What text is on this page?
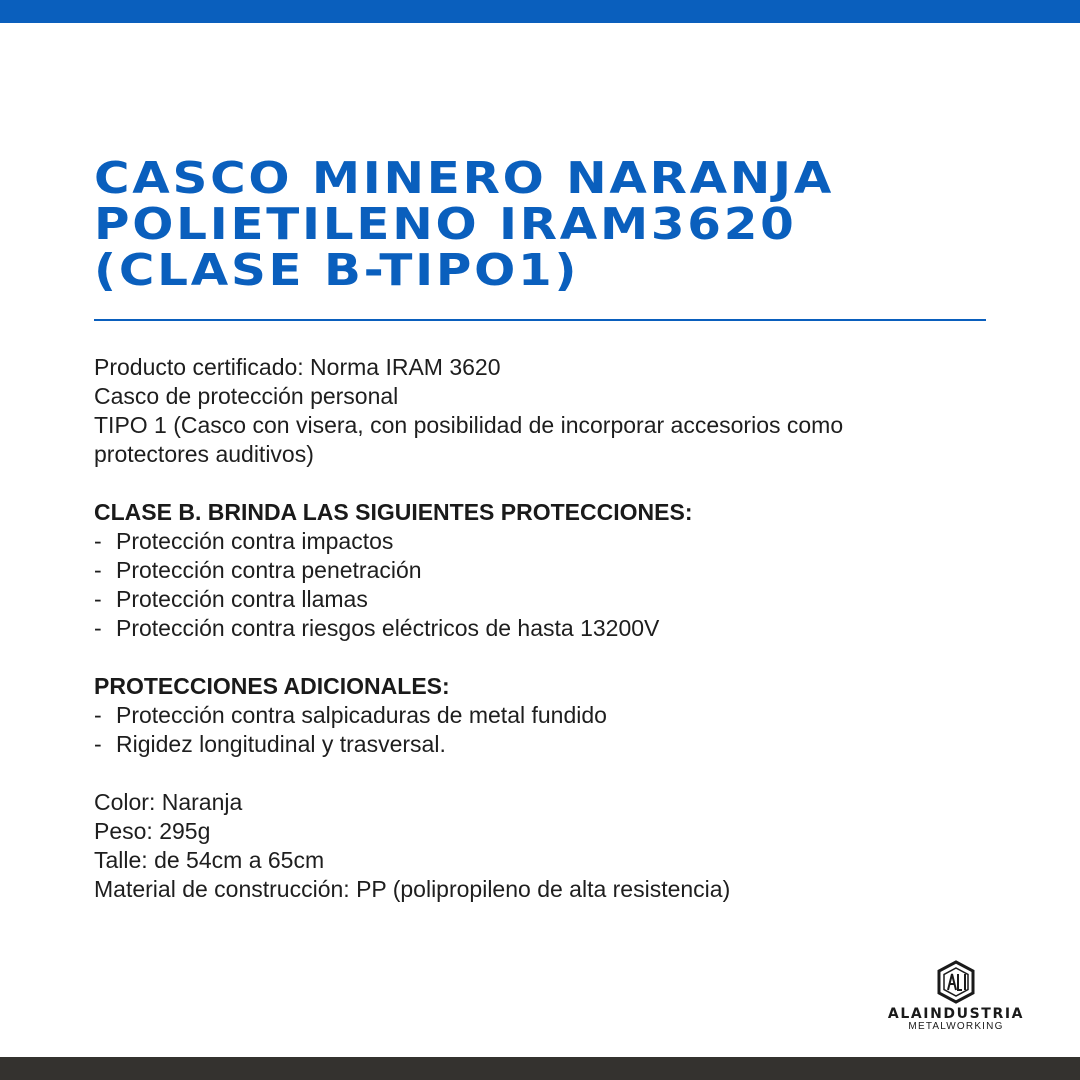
CASCO MINERO NARANJA
POLIETILENO IRAM3620
(CLASE B-TIPO1)

Producto certificado: Norma IRAM 3620

Casco de protección personal

TIPO 1 (Casco con visera, con posibilidad de incorporar accesorios como

protectores auditivos)

CLASE B. BRINDA LAS SIGUIENTES PROTECCIONES:

- Protección contra impactos
- Protección contra penetración
- Protección contra llamas
- Protección contra riesgos eléctricos de hasta 13200V

PROTECCIONES ADICIONALES:

- Protección contra salpicaduras de metal fundido
- Rigidez longitudinal y trasversal.

Color: Naranja

Peso: 295g

Talle: de 54cm a 65cm

Material de construcción: PP (polipropileno de alta resistencia)

ALAINDUSTRIA
METALWORKING
